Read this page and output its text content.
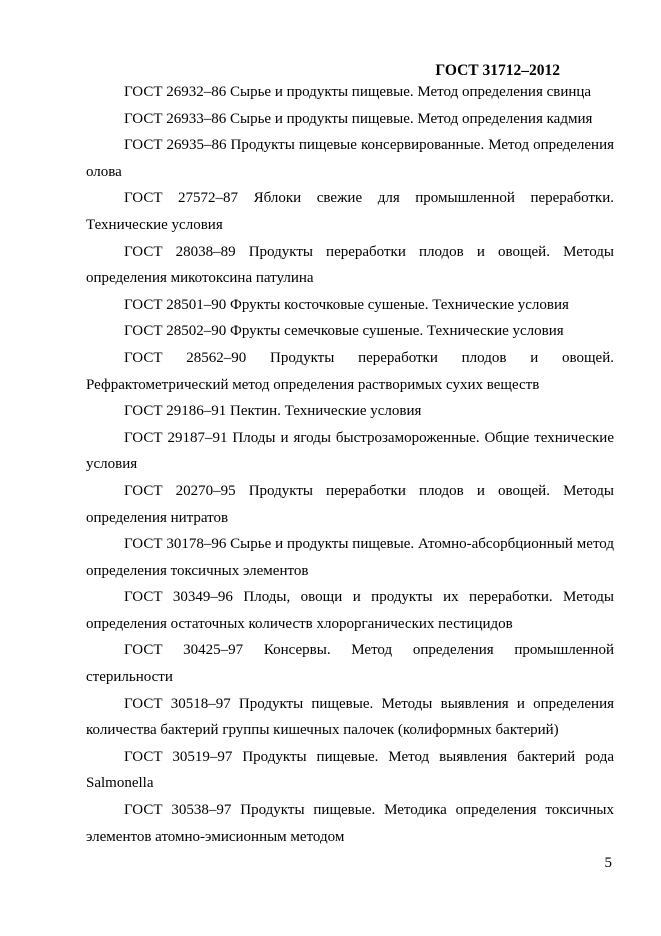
ГОСТ 31712–2012

ГОСТ 26932–86 Сырье и продукты пищевые. Метод определения свинца

ГОСТ 26933–86 Сырье и продукты пищевые. Метод определения кадмия

ГОСТ 26935–86 Продукты пищевые консервированные. Метод определения олова

ГОСТ 27572–87 Яблоки свежие для промышленной переработки. Технические условия

ГОСТ 28038–89 Продукты переработки плодов и овощей. Методы определения микотоксина патулина

ГОСТ 28501–90 Фрукты косточковые сушеные. Технические условия

ГОСТ 28502–90 Фрукты семечковые сушеные. Технические условия

ГОСТ 28562–90 Продукты переработки плодов и овощей. Рефрактометрический метод определения растворимых сухих веществ

ГОСТ 29186–91 Пектин. Технические условия

ГОСТ 29187–91 Плоды и ягоды быстрозамороженные. Общие технические условия

ГОСТ 20270–95 Продукты переработки плодов и овощей. Методы определения нитратов

ГОСТ 30178–96 Сырье и продукты пищевые. Атомно-абсорбционный метод определения токсичных элементов

ГОСТ 30349–96 Плоды, овощи и продукты их переработки. Методы определения остаточных количеств хлорорганических пестицидов

ГОСТ 30425–97 Консервы. Метод определения промышленной стерильности

ГОСТ 30518–97 Продукты пищевые. Методы выявления и определения количества бактерий группы кишечных палочек (колиформных бактерий)

ГОСТ 30519–97 Продукты пищевые. Метод выявления бактерий рода Salmonella

ГОСТ 30538–97 Продукты пищевые. Методика определения токсичных элементов атомно-эмисионным методом

5
